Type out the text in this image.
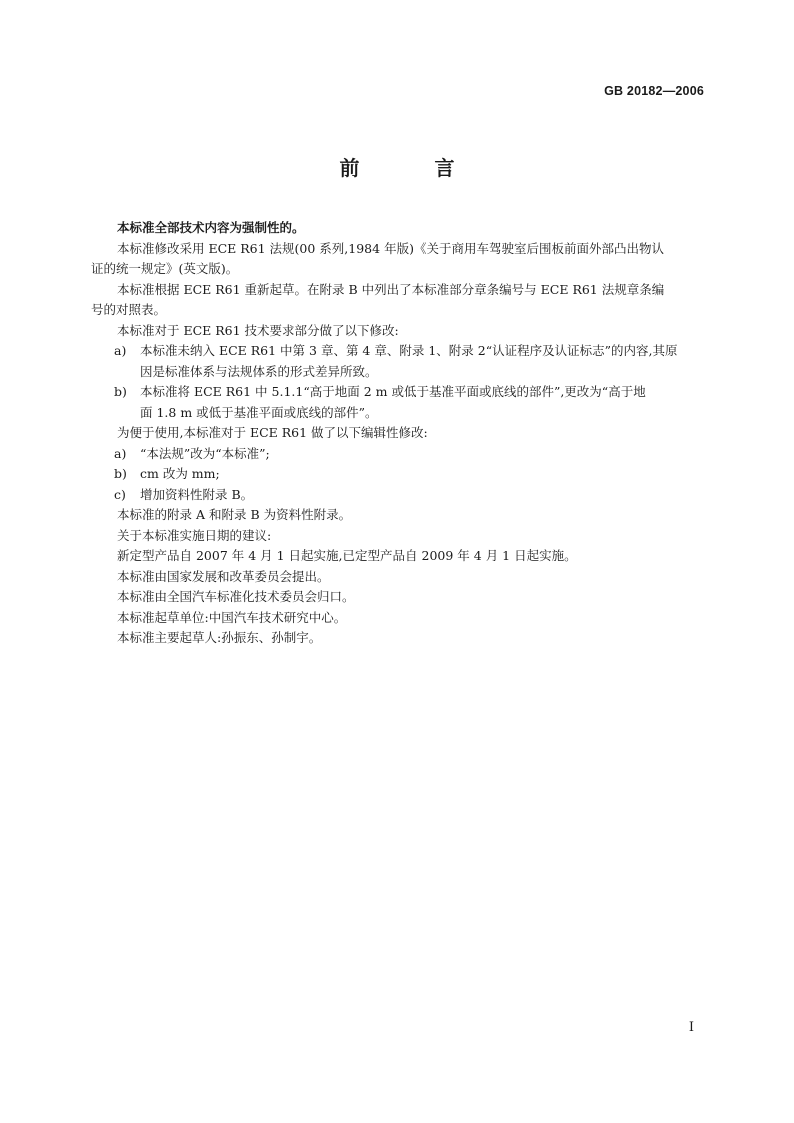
GB 20182—2006
前 言

本标准全部技术内容为强制性的。

本标准修改采用 ECE R61 法规(00 系列,1984 年版)《关于商用车驾驶室后围板前面外部凸出物认

证的统一规定》(英文版)。

本标准根据 ECE R61 重新起草。在附录 B 中列出了本标准部分章条编号与 ECE R61 法规章条编

号的对照表。

本标准对于 ECE R61 技术要求部分做了以下修改:

a)	本标准未纳入 ECE R61 中第 3 章、第 4 章、附录 1、附录 2“认证程序及认证标志”的内容,其原
因是标准体系与法规体系的形式差异所致。
b)	本标准将 ECE R61 中 5.1.1“高于地面 2 m 或低于基准平面或底线的部件”,更改为“高于地
面 1.8 m 或低于基准平面或底线的部件”。

为便于使用,本标准对于 ECE R61 做了以下编辑性修改:

a)	“本法规”改为“本标准”;
b)	cm 改为 mm;
c)	增加资料性附录 B。

本标准的附录 A 和附录 B 为资料性附录。

关于本标准实施日期的建议:

新定型产品自 2007 年 4 月 1 日起实施,已定型产品自 2009 年 4 月 1 日起实施。

本标准由国家发展和改革委员会提出。

本标准由全国汽车标准化技术委员会归口。

本标准起草单位:中国汽车技术研究中心。

本标准主要起草人:孙振东、孙制宇。

I
